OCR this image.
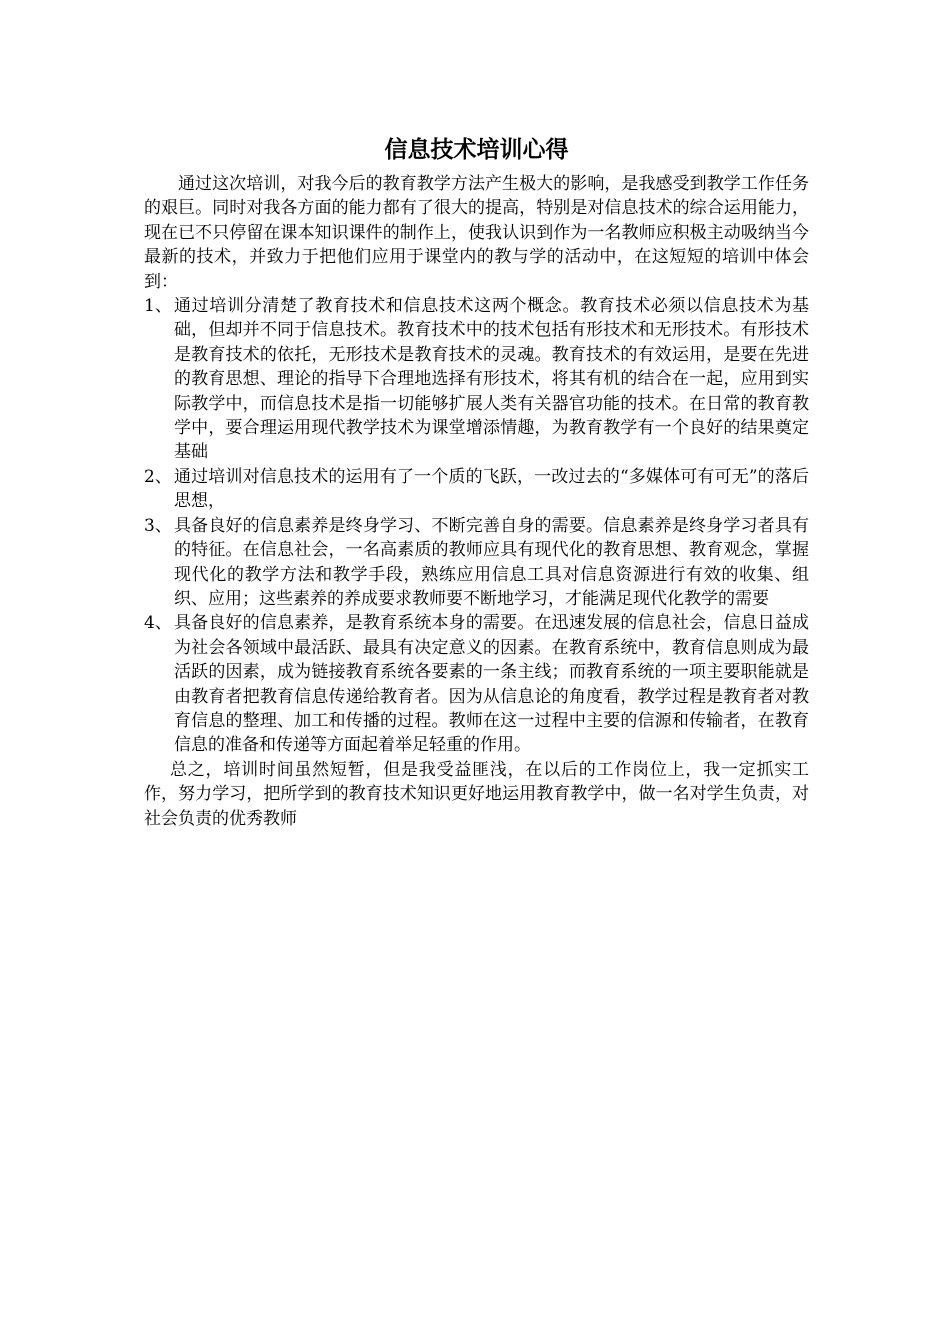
信息技术培训心得

通过这次培训，对我今后的教育教学方法产生极大的影响，是我感受到教学工作任务的艰巨。同时对我各方面的能力都有了很大的提高，特别是对信息技术的综合运用能力，现在已不只停留在课本知识课件的制作上，使我认识到作为一名教师应积极主动吸纳当今最新的技术，并致力于把他们应用于课堂内的教与学的活动中，在这短短的培训中体会到：

1、 通过培训分清楚了教育技术和信息技术这两个概念。教育技术必须以信息技术为基础，但却并不同于信息技术。教育技术中的技术包括有形技术和无形技术。有形技术是教育技术的依托，无形技术是教育技术的灵魂。教育技术的有效运用，是要在先进的教育思想、理论的指导下合理地选择有形技术，将其有机的结合在一起，应用到实际教学中，而信息技术是指一切能够扩展人类有关器官功能的技术。在日常的教育教学中，要合理运用现代教学技术为课堂增添情趣，为教育教学有一个良好的结果奠定基础
2、 通过培训对信息技术的运用有了一个质的飞跃，一改过去的“多媒体可有可无”的落后思想，
3、 具备良好的信息素养是终身学习、不断完善自身的需要。信息素养是终身学习者具有的特征。在信息社会，一名高素质的教师应具有现代化的教育思想、教育观念，掌握现代化的教学方法和教学手段，熟练应用信息工具对信息资源进行有效的收集、组织、应用；这些素养的养成要求教师要不断地学习，才能满足现代化教学的需要
4、 具备良好的信息素养，是教育系统本身的需要。在迅速发展的信息社会，信息日益成为社会各领域中最活跃、最具有决定意义的因素。在教育系统中，教育信息则成为最活跃的因素，成为链接教育系统各要素的一条主线；而教育系统的一项主要职能就是由教育者把教育信息传递给教育者。因为从信息论的角度看，教学过程是教育者对教育信息的整理、加工和传播的过程。教师在这一过程中主要的信源和传输者，在教育信息的准备和传递等方面起着举足轻重的作用。

总之，培训时间虽然短暂，但是我受益匪浅，在以后的工作岗位上，我一定抓实工作，努力学习，把所学到的教育技术知识更好地运用教育教学中，做一名对学生负责，对社会负责的优秀教师
